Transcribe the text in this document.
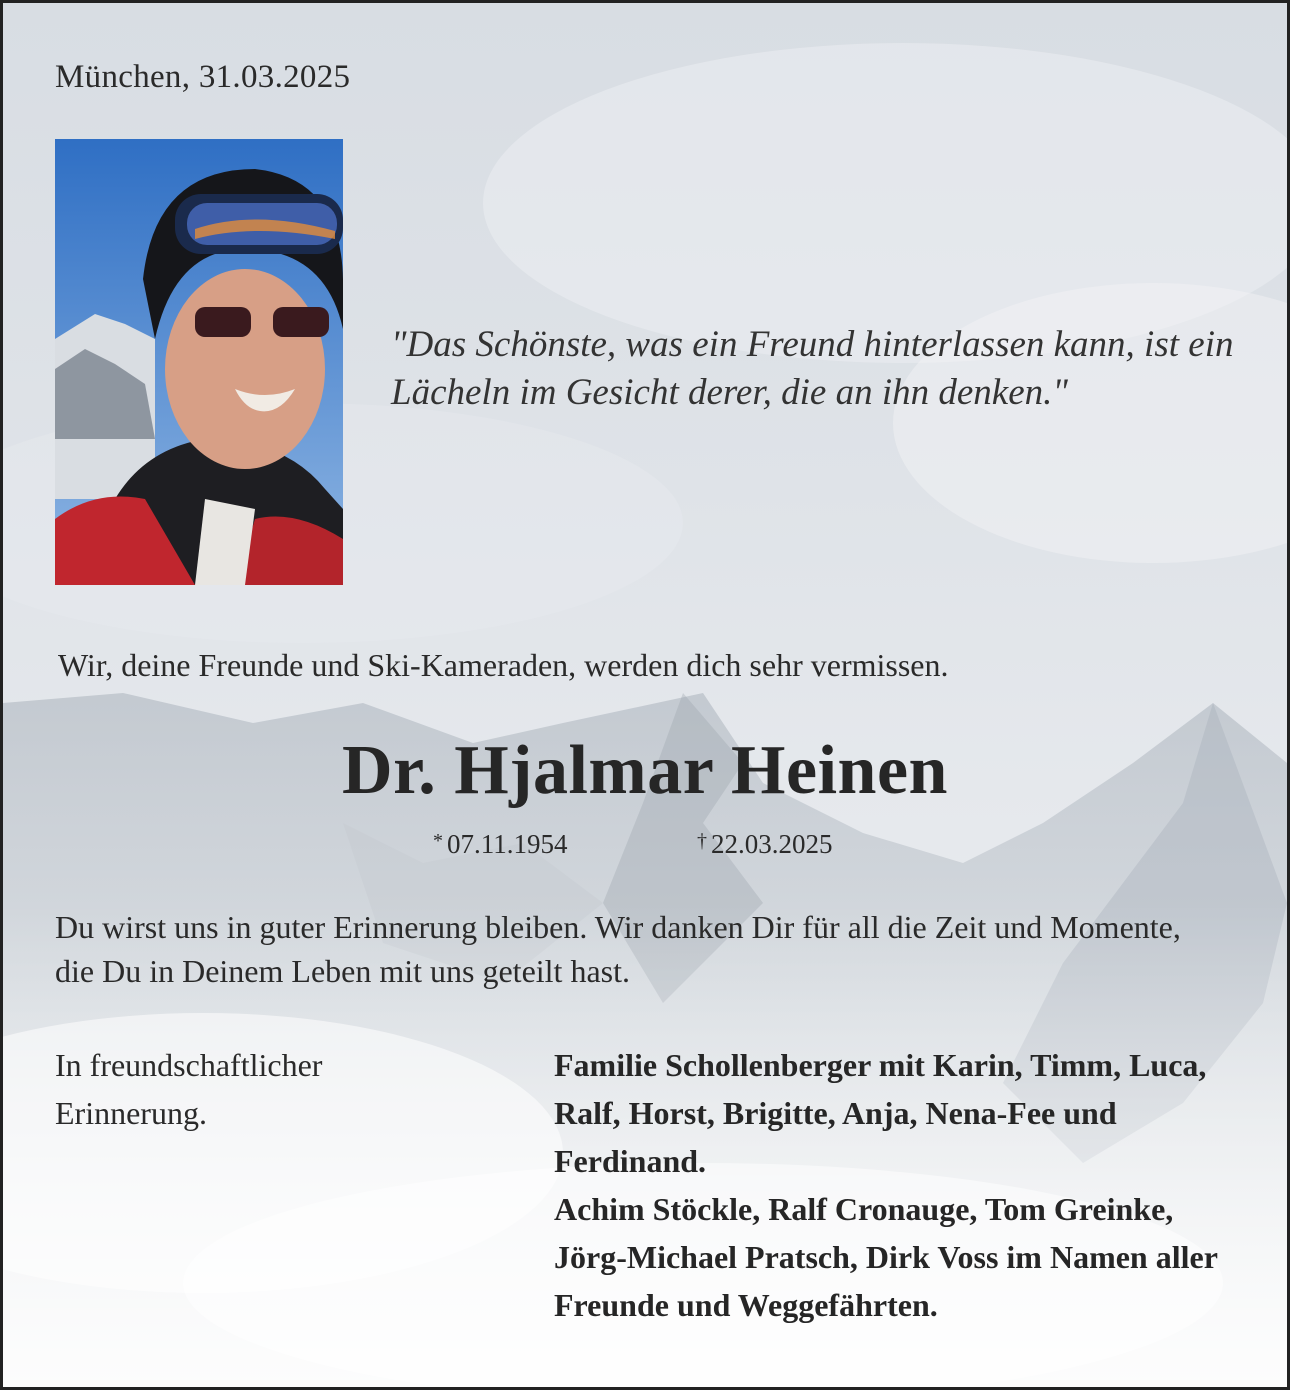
München, 31.03.2025
"Das Schönste, was ein Freund hinterlassen kann, ist ein Lächeln im Gesicht derer, die an ihn denken."
Wir, deine Freunde und Ski-Kameraden, werden dich sehr vermissen.
Dr. Hjalmar Heinen
* 07.11.1954	† 22.03.2025
Du wirst uns in guter Erinnerung bleiben. Wir danken Dir für all die Zeit und Momente, die Du in Deinem Leben mit uns geteilt hast.
In freundschaftlicher Erinnerung.
Familie Schollenberger mit Karin, Timm, Luca, Ralf, Horst, Brigitte, Anja, Nena-Fee und Ferdinand.
Achim Stöckle, Ralf Cronauge, Tom Greinke, Jörg-Michael Pratsch, Dirk Voss im Namen aller Freunde und Weggefährten.
